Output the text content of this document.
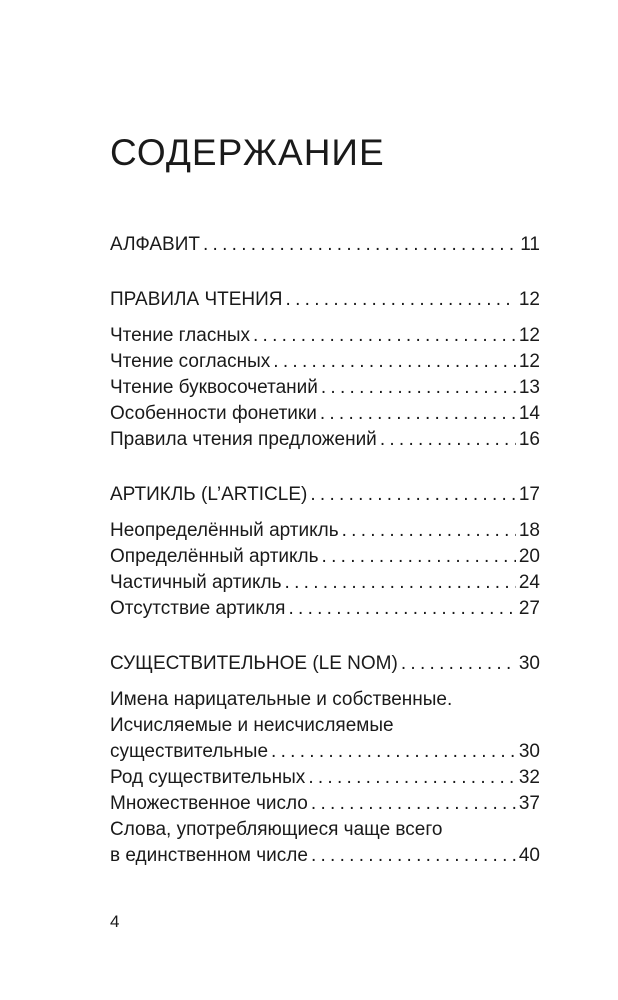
СОДЕРЖАНИЕ
АЛФАВИТ . . .	11
ПРАВИЛА ЧТЕНИЯ . . .	12
Чтение гласных . . .	12
Чтение согласных . . .	12
Чтение буквосочетаний . . .	13
Особенности фонетики . . .	14
Правила чтения предложений . . .	16
АРТИКЛЬ (L’ARTICLE) . . .	17
Неопределённый артикль . . .	18
Определённый артикль . . .	20
Частичный артикль . . .	24
Отсутствие артикля . . .	27
СУЩЕСТВИТЕЛЬНОЕ (LE NOM) . . .	30
Имена нарицательные и собственные.
Исчисляемые и неисчисляемые
существительные . . .	30
Род существительных . . .	32
Множественное число . . .	37
Слова, употребляющиеся чаще всего
в единственном числе . . .	40
4
